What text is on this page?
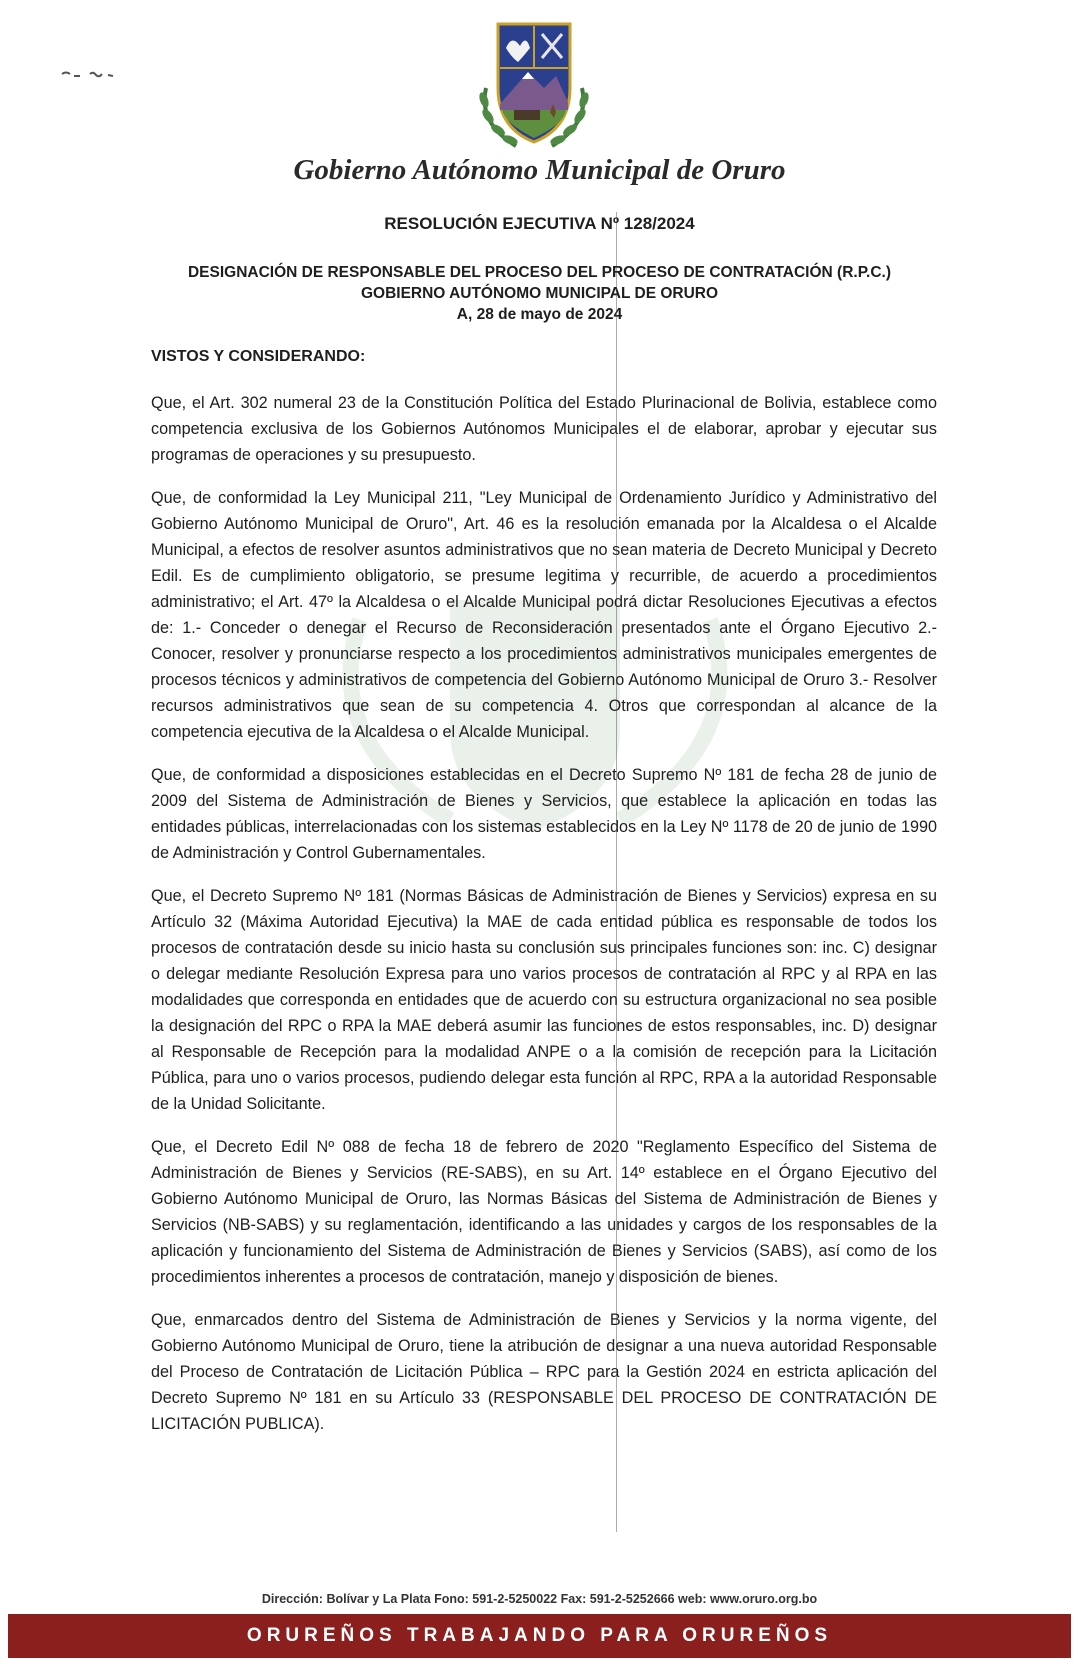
Gobierno Autónomo Municipal de Oruro
RESOLUCIÓN EJECUTIVA Nº 128/2024
DESIGNACIÓN DE RESPONSABLE DEL PROCESO DEL PROCESO DE CONTRATACIÓN (R.P.C.)
GOBIERNO AUTÓNOMO MUNICIPAL DE ORURO
A, 28 de mayo de 2024
VISTOS Y CONSIDERANDO:

Que, el Art. 302 numeral 23 de la Constitución Política del Estado Plurinacional de Bolivia, establece como competencia exclusiva de los Gobiernos Autónomos Municipales el de elaborar, aprobar y ejecutar sus programas de operaciones y su presupuesto.

Que, de conformidad la Ley Municipal 211, "Ley Municipal de Ordenamiento Jurídico y Administrativo del Gobierno Autónomo Municipal de Oruro", Art. 46 es la resolución emanada por la Alcaldesa o el Alcalde Municipal, a efectos de resolver asuntos administrativos que no sean materia de Decreto Municipal y Decreto Edil. Es de cumplimiento obligatorio, se presume legitima y recurrible, de acuerdo a procedimientos administrativo; el Art. 47º la Alcaldesa o el Alcalde Municipal podrá dictar Resoluciones Ejecutivas a efectos de: 1.- Conceder o denegar el Recurso de Reconsideración presentados ante el Órgano Ejecutivo 2.- Conocer, resolver y pronunciarse respecto a los procedimientos administrativos municipales emergentes de procesos técnicos y administrativos de competencia del Gobierno Autónomo Municipal de Oruro 3.- Resolver recursos administrativos que sean de su competencia 4. Otros que correspondan al alcance de la competencia ejecutiva de la Alcaldesa o el Alcalde Municipal.

Que, de conformidad a disposiciones establecidas en el Decreto Supremo Nº 181 de fecha 28 de junio de 2009 del Sistema de Administración de Bienes y Servicios, que establece la aplicación en todas las entidades públicas, interrelacionadas con los sistemas establecidos en la Ley Nº 1178 de 20 de junio de 1990 de Administración y Control Gubernamentales.

Que, el Decreto Supremo Nº 181 (Normas Básicas de Administración de Bienes y Servicios) expresa en su Artículo 32 (Máxima Autoridad Ejecutiva) la MAE de cada entidad pública es responsable de todos los procesos de contratación desde su inicio hasta su conclusión sus principales funciones son: inc. C) designar o delegar mediante Resolución Expresa para uno varios procesos de contratación al RPC y al RPA en las modalidades que corresponda en entidades que de acuerdo con su estructura organizacional no sea posible la designación del RPC o RPA la MAE deberá asumir las funciones de estos responsables, inc. D) designar al Responsable de Recepción para la modalidad ANPE o a la comisión de recepción para la Licitación Pública, para uno o varios procesos, pudiendo delegar esta función al RPC, RPA a la autoridad Responsable de la Unidad Solicitante.

Que, el Decreto Edil Nº 088 de fecha 18 de febrero de 2020 "Reglamento Específico del Sistema de Administración de Bienes y Servicios (RE-SABS), en su Art. 14º establece en el Órgano Ejecutivo del Gobierno Autónomo Municipal de Oruro, las Normas Básicas del Sistema de Administración de Bienes y Servicios (NB-SABS) y su reglamentación, identificando a las unidades y cargos de los responsables de la aplicación y funcionamiento del Sistema de Administración de Bienes y Servicios (SABS), así como de los procedimientos inherentes a procesos de contratación, manejo y disposición de bienes.

Que, enmarcados dentro del Sistema de Administración de Bienes y Servicios y la norma vigente, del Gobierno Autónomo Municipal de Oruro, tiene la atribución de designar a una nueva autoridad Responsable del Proceso de Contratación de Licitación Pública – RPC para la Gestión 2024 en estricta aplicación del Decreto Supremo Nº 181 en su Artículo 33 (RESPONSABLE DEL PROCESO DE CONTRATACIÓN DE LICITACIÓN PUBLICA).

Dirección: Bolívar y La Plata Fono: 591-2-5250022 Fax: 591-2-5252666 web: www.oruro.org.bo
ORUREÑOS TRABAJANDO PARA ORUREÑOS
